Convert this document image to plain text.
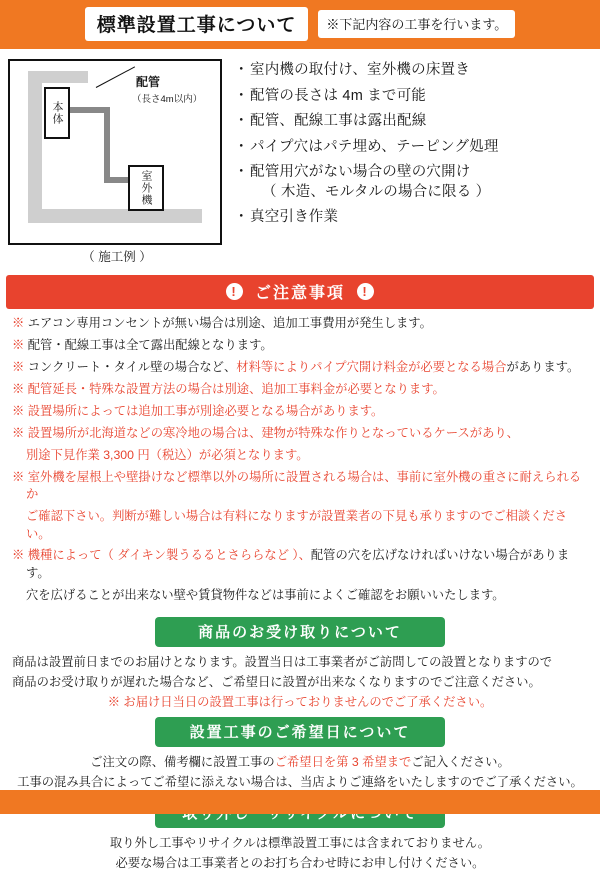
標準設置工事について	※下記内容の工事を行います。
本体
室外機
配管
（長さ4m以内）
（ 施工例 ）
・ 室内機の取付け、室外機の床置き
・ 配管の長さは 4m まで可能
・ 配管、配線工事は露出配線
・ パイプ穴はパテ埋め、テーピング処理
・ 配管用穴がない場合の壁の穴開け
（ 木造、モルタルの場合に限る ）
・ 真空引き作業
!	ご注意事項	!
※ エアコン専用コンセントが無い場合は別途、追加工事費用が発生します。
※ 配管・配線工事は全て露出配線となります。
※ コンクリート・タイル壁の場合など、材料等によりパイプ穴開け料金が必要となる場合があります。
※ 配管延長・特殊な設置方法の場合は別途、追加工事料金が必要となります。
※ 設置場所によっては追加工事が別途必要となる場合があります。
※ 設置場所が北海道などの寒冷地の場合は、建物が特殊な作りとなっているケースがあり、
別途下見作業 3,300 円（税込）が必須となります。
※ 室外機を屋根上や壁掛けなど標準以外の場所に設置される場合は、事前に室外機の重さに耐えられるか
ご確認下さい。判断が難しい場合は有料になりますが設置業者の下見も承りますのでご相談ください。
※ 機種によって（ ダイキン製うるるとさららなど ）、配管の穴を広げなければいけない場合があります。
穴を広げることが出来ない壁や賃貸物件などは事前によくご確認をお願いいたします。
商品のお受け取りについて

商品は設置前日までのお届けとなります。設置当日は工事業者がご訪問しての設置となりますので

商品のお受け取りが遅れた場合など、ご希望日に設置が出来なくなりますのでご注意ください。

※ お届け日当日の設置工事は行っておりませんのでご了承ください。

設置工事のご希望日について

ご注文の際、備考欄に設置工事のご希望日を第 3 希望までご記入ください。

工事の混み具合によってご希望に添えない場合は、当店よりご連絡をいたしますのでご了承ください。

取り外し工事やリサイクルは標準設置工事には含まれておりません。

必要な場合は工事業者とのお打ち合わせ時にお申し付けください。
